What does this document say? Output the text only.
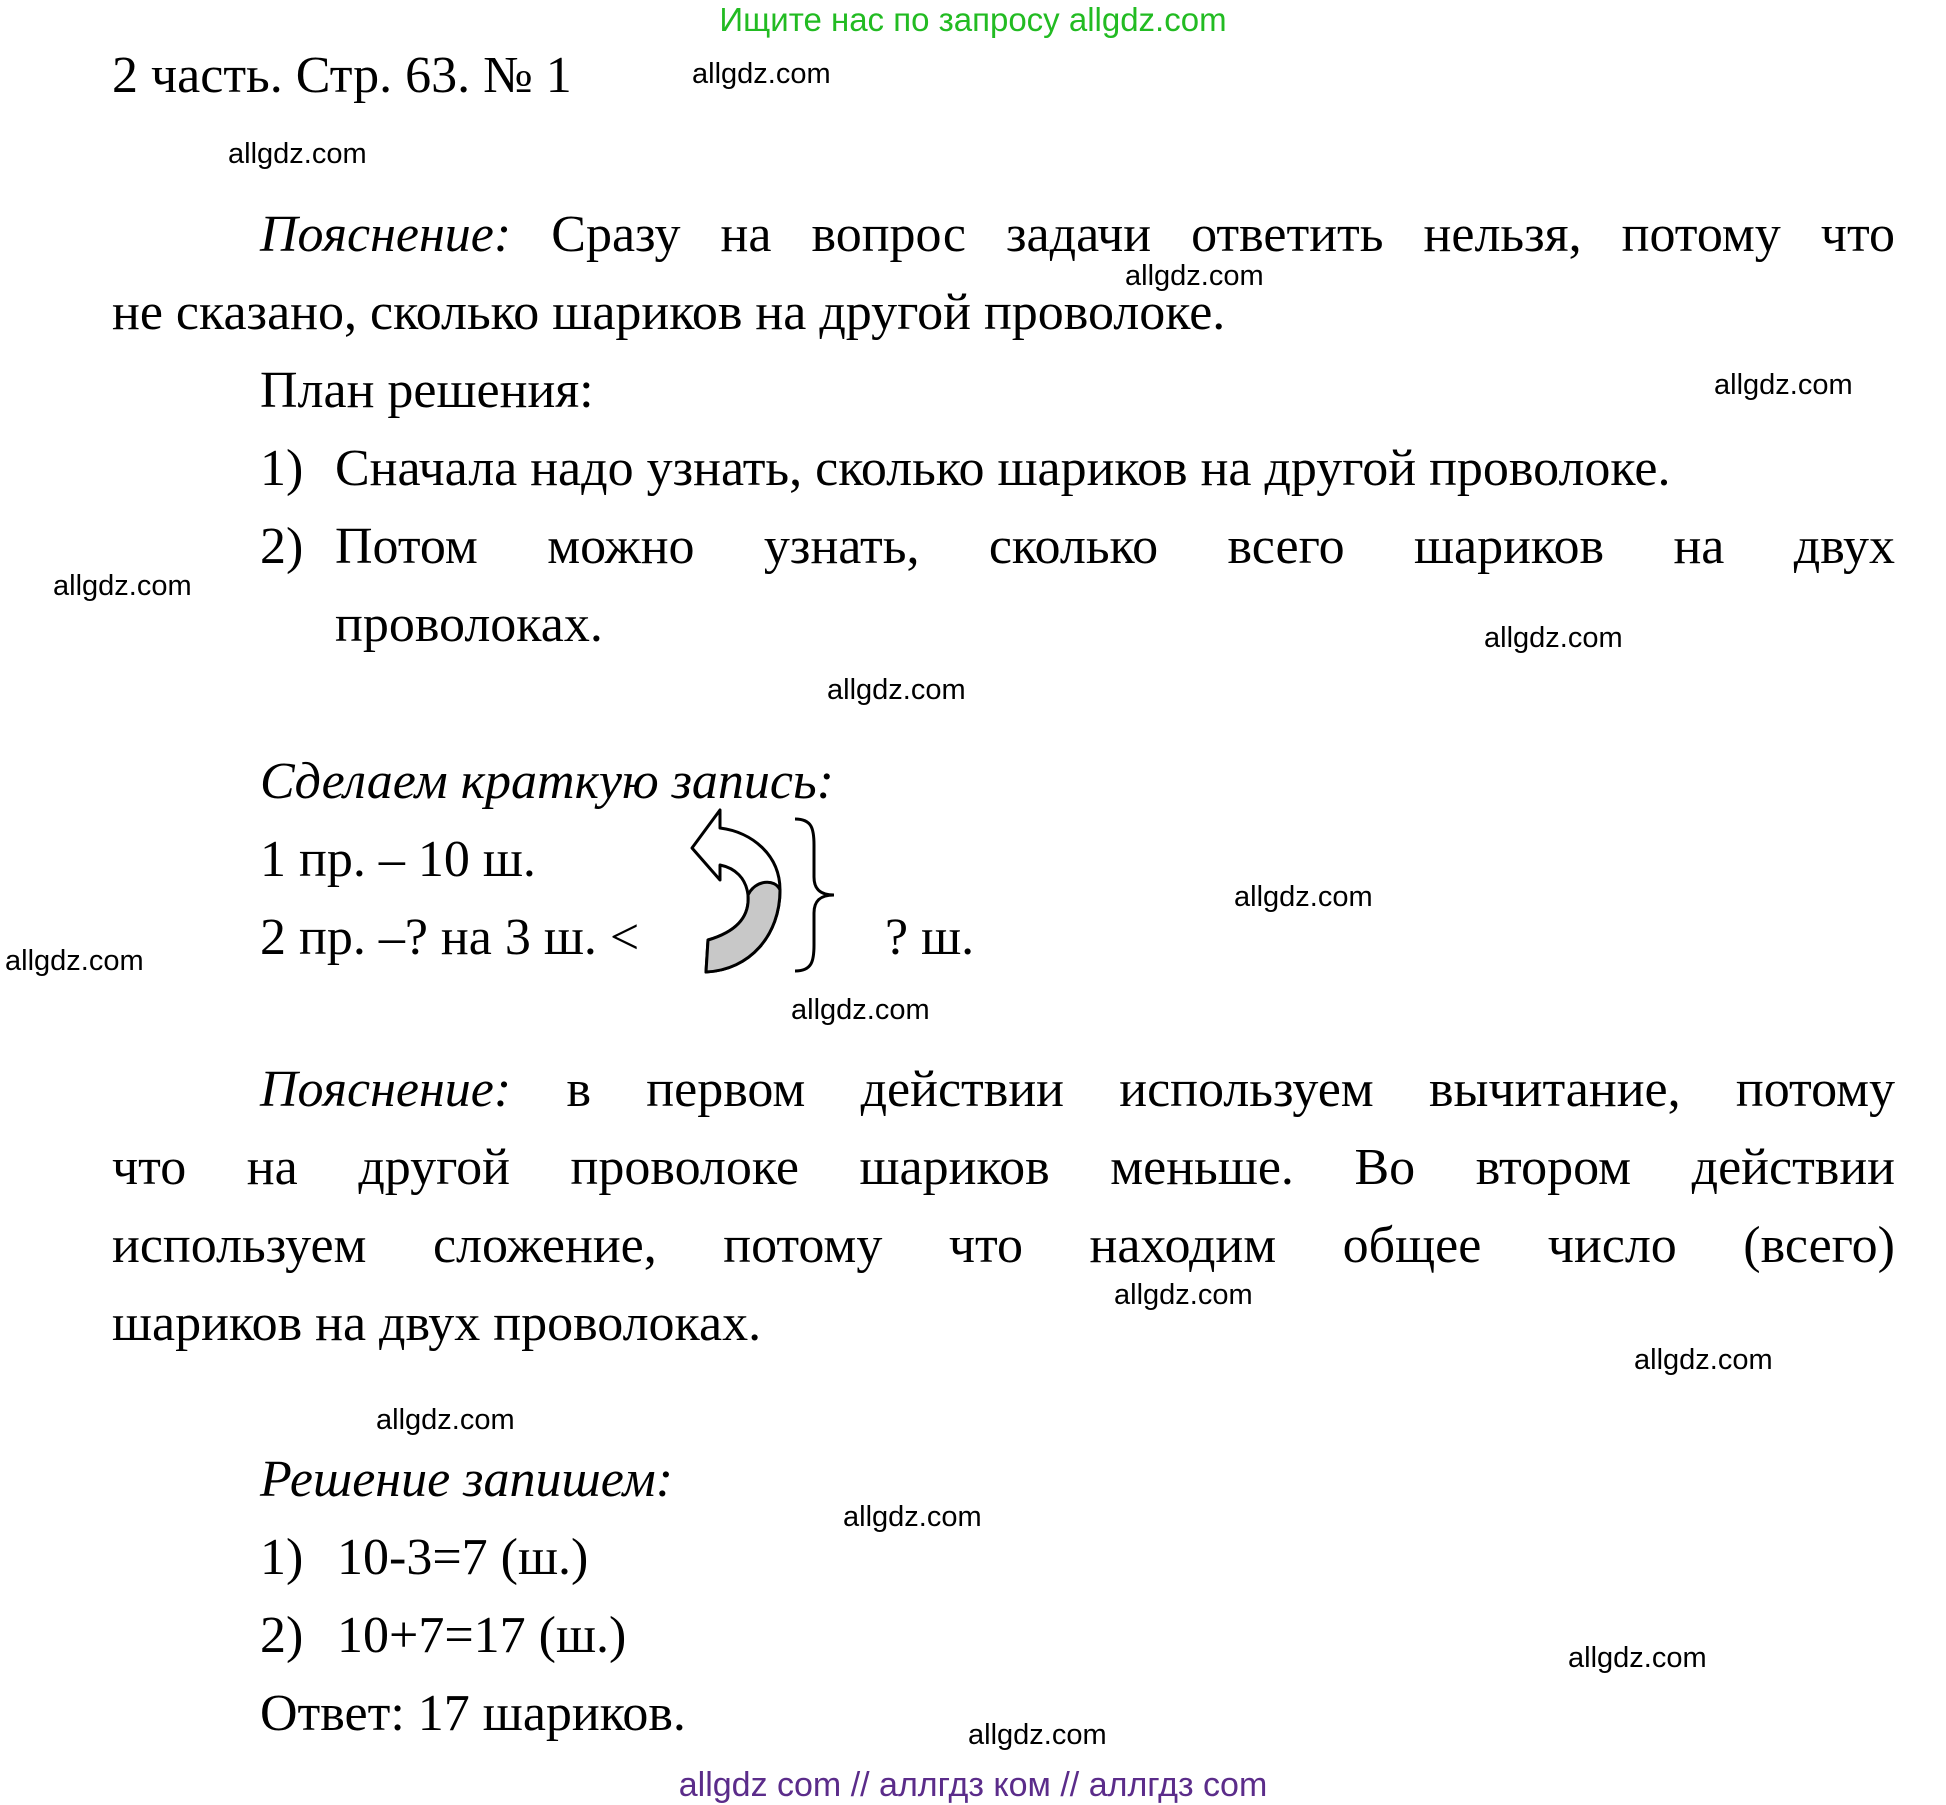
Ищите нас по запросу allgdz.com
2 часть. Стр. 63. № 1	allgdz.com
allgdz.com
allgdz.com
allgdz.com
allgdz.com
allgdz.com
allgdz.com
allgdz.com
allgdz.com
allgdz.com
allgdz.com
allgdz.com
allgdz.com
allgdz.com
allgdz.com
allgdz.com
Пояснение: Сразу на вопрос задачи ответить нельзя, потому что
не сказано, сколько шариков на другой проволоке.
План решения:
1) Сначала надо узнать, сколько шариков на другой проволоке.
2) Потом можно узнать, сколько всего шариков на двух
проволоках.
Сделаем краткую запись:
1 пр. – 10 ш.
2 пр. –? на 3 ш. <	? ш.
Пояснение: в первом действии используем вычитание, потому
что на другой проволоке шариков меньше. Во втором действии
используем сложение, потому что находим общее число (всего)
шариков на двух проволоках.
Решение запишем:
1) 10-3=7 (ш.)
2) 10+7=17 (ш.)
Ответ: 17 шариков.
allgdz com // аллгдз ком // аллгдз com
